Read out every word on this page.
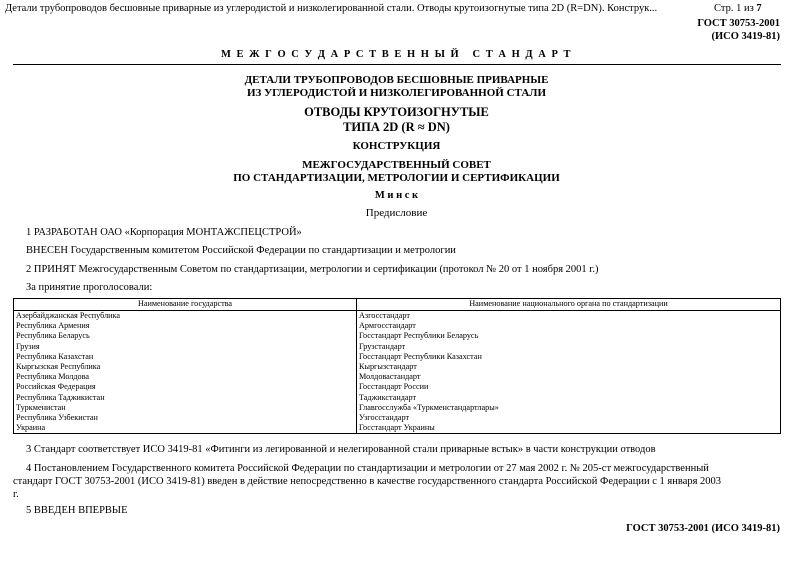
Детали трубопроводов бесшовные приварные из углеродистой и низколегированной стали. Отводы крутоизогнутые типа 2D (R=DN). Конструк...	Стр. 1 из 7
ГОСТ 30753-2001
(ИСО 3419-81)
М Е Ж Г О С У Д А Р С Т В Е Н Н Ы Й   С Т А Н Д А Р Т
ДЕТАЛИ ТРУБОПРОВОДОВ БЕСШОВНЫЕ ПРИВАРНЫЕ
ИЗ УГЛЕРОДИСТОЙ И НИЗКОЛЕГИРОВАННОЙ СТАЛИ
ОТВОДЫ КРУТОИЗОГНУТЫЕ
ТИПА 2D (R ≈ DN)
КОНСТРУКЦИЯ
МЕЖГОСУДАРСТВЕННЫЙ СОВЕТ
ПО СТАНДАРТИЗАЦИИ, МЕТРОЛОГИИ И СЕРТИФИКАЦИИ
М и н с к
Предисловие
1 РАЗРАБОТАН ОАО «Корпорация МОНТАЖСПЕЦСТРОЙ»
ВНЕСЕН Государственным комитетом Российской Федерации по стандартизации и метрологии
2 ПРИНЯТ Межгосударственным Советом по стандартизации, метрологии и сертификации (протокол № 20 от 1 ноября 2001 г.)
За принятие проголосовали:
Наименование государства	Наименование национального органа по стандартизации
Азербайджанская Республика	Азгосстандарт
Республика Армения	Армгосстандарт
Республика Беларусь	Госстандарт Республики Беларусь
Грузия	Грузстандарт
Республика Казахстан	Госстандарт Республики Казахстан
Кыргызская Республика	Кыргызстандарт
Республика Молдова	Молдовастандарт
Российская Федерация	Госстандарт России
Республика Таджикистан	Таджикстандарт
Туркменистан	Главгосслужба «Туркменстандартлары»
Республика Узбекистан	Узгосстандарт
Украина	Госстандарт Украины
3 Стандарт соответствует ИСО 3419-81 «Фитинги из легированной и нелегированной стали приварные встык» в части конструкции отводов
4 Постановлением Государственного комитета Российской Федерации по стандартизации и метрологии от 27 мая 2002 г. № 205-ст межгосударственный
стандарт ГОСТ 30753-2001 (ИСО 3419-81) введен в действие непосредственно в качестве государственного стандарта Российской Федерации с 1 января 2003
г.
5 ВВЕДЕН ВПЕРВЫЕ
ГОСТ 30753-2001 (ИСО 3419-81)
